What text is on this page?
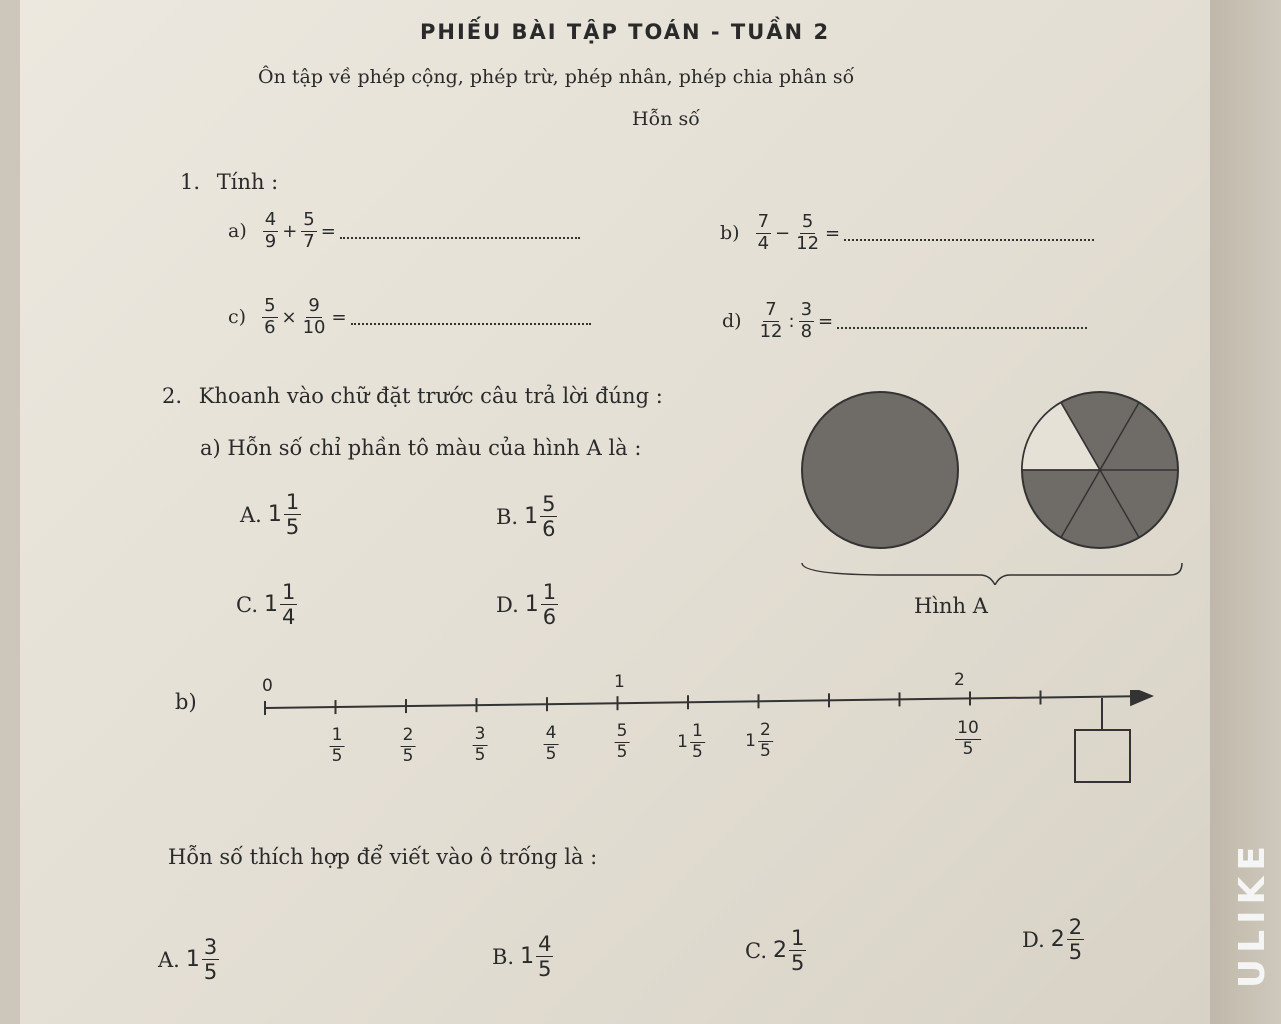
PHIẾU BÀI TẬP TOÁN - TUẦN 2
Ôn tập về phép cộng, phép trừ, phép nhân, phép chia phân số
Hỗn số
1. Tính :
$a) \frac{4}{9} + \frac{5}{7}$ =	$b) \frac{7}{4} - \frac{5}{12}$ =
$c) \frac{5}{6} \times \frac{9}{10}$ =	$d) \frac{7}{12}$ : $\frac{3}{8}$ =
2. Khoanh vào chữ đặt trước câu trả lời đúng :
a) Hỗn số chỉ phần tô màu của hình A là :
A. $1 \frac{1}{5}$	B. $1 \frac{5}{6}$
C. $1 \frac{1}{4}$	D. $1 \frac{1}{6}$	Hình A
b)
0	1	2
$\frac{1}{5}$	$\frac{2}{5}$	$\frac{3}{5}$	$\frac{4}{5}$	$\frac{5}{5}$	$1 \frac{1}{5} 1 \frac{2}{5}$	$\frac{10}{5}$
Hỗn số thích hợp để viết vào ô trống là :
A. $1 \frac{3}{5}$	B. $1 \frac{4}{5}$	C. $2 \frac{1}{5}$	D. $2 \frac{2}{5}$	ULIKE
